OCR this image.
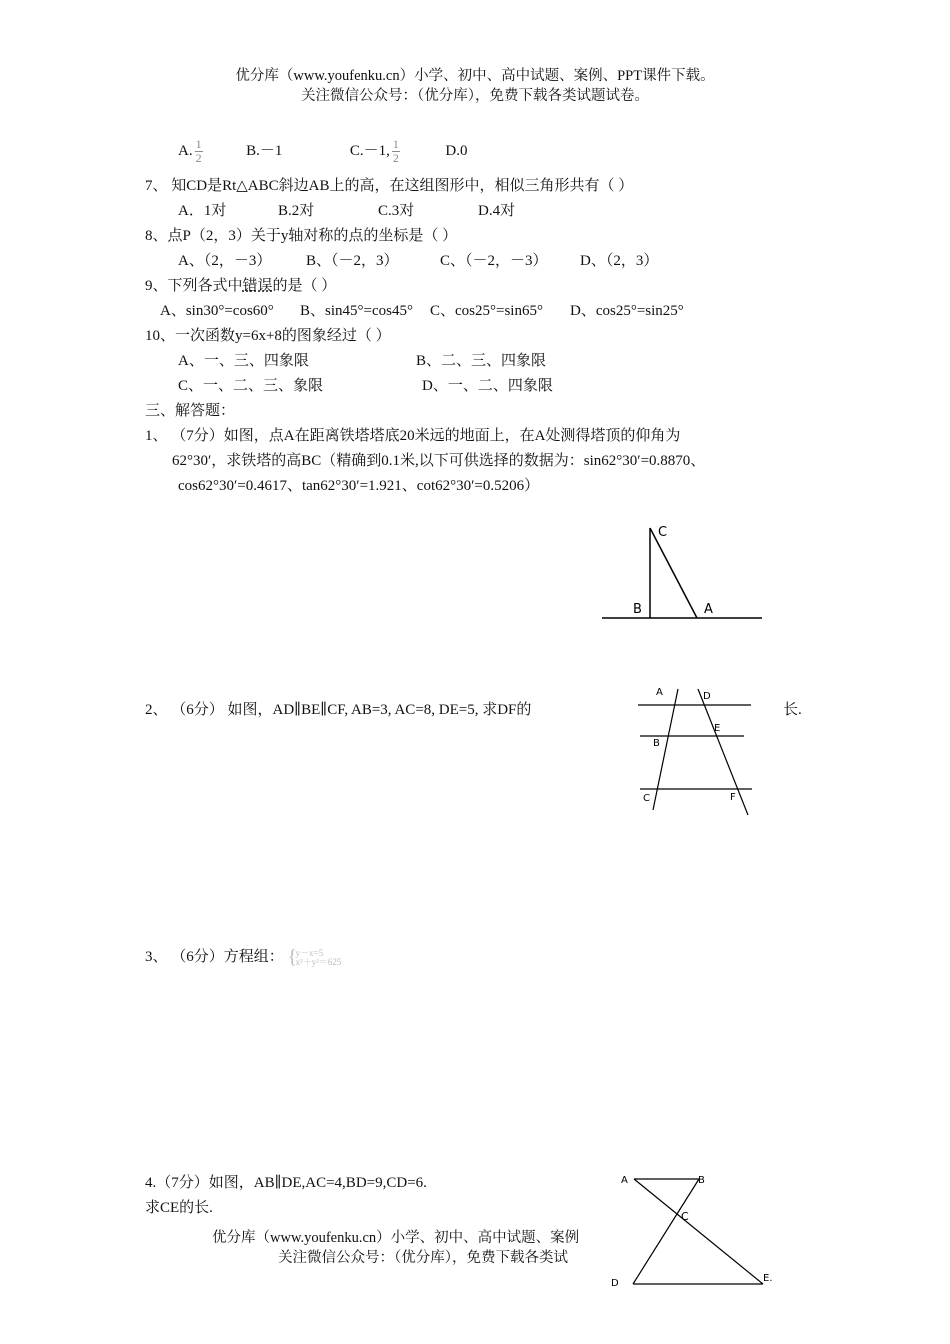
优分库（www.youfenku.cn）小学、初中、高中试题、案例、PPT课件下载。
关注微信公众号：（优分库），免费下载各类试题试卷。
A. $\frac{1}{2}$	B.－1	C.－1, $\frac{1}{2}$	D.0
7、 知CD是Rt△ABC斜边AB上的高，在这组图形中，相似三角形共有（ ）
A．1对	B.2对	C.3对	D.4对
8、点P（2，3）关于y轴对称的点的坐标是（ ）
A、（2，－3） B、（－2，3）	C、（－2，－3） D、（2，3）
9、下列各式中错误的是（ ）
A、sin30°=cos60° B、sin45°=cos45° C、cos25°=sin65° D、cos25°=sin25°
10、一次函数y=6x+8的图象经过（ ）
A、一、三、四象限	B、二、三、四象限
C、一、二、三、象限	D、一、二、四象限
三、解答题：
1、 （7分）如图，点A在距离铁塔塔底20米远的地面上，在A处测得塔顶的仰角为
62°30′，求铁塔的高BC（精确到0.1米,以下可供选择的数据为：sin62°30′=0.8870、
cos62°30′=0.4617、tan62°30′=1.921、cot62°30′=0.5206）
C
B	A
2、 （6分） 如图，AD∥BE∥CF, AB=3, AC=8, DE=5, 求DF的	长.
A	D
E
B
C	F
3、 （6分）方程组：
{ y－x=5
x²＋y²＝625
4.（7分）如图，AB∥DE,AC=4,BD=9,CD=6.
求CE的长.
优分库（www.youfenku.cn）小学、初中、高中试题、案例
关注微信公众号：（优分库），免费下载各类试
A	B
C
D	E.
